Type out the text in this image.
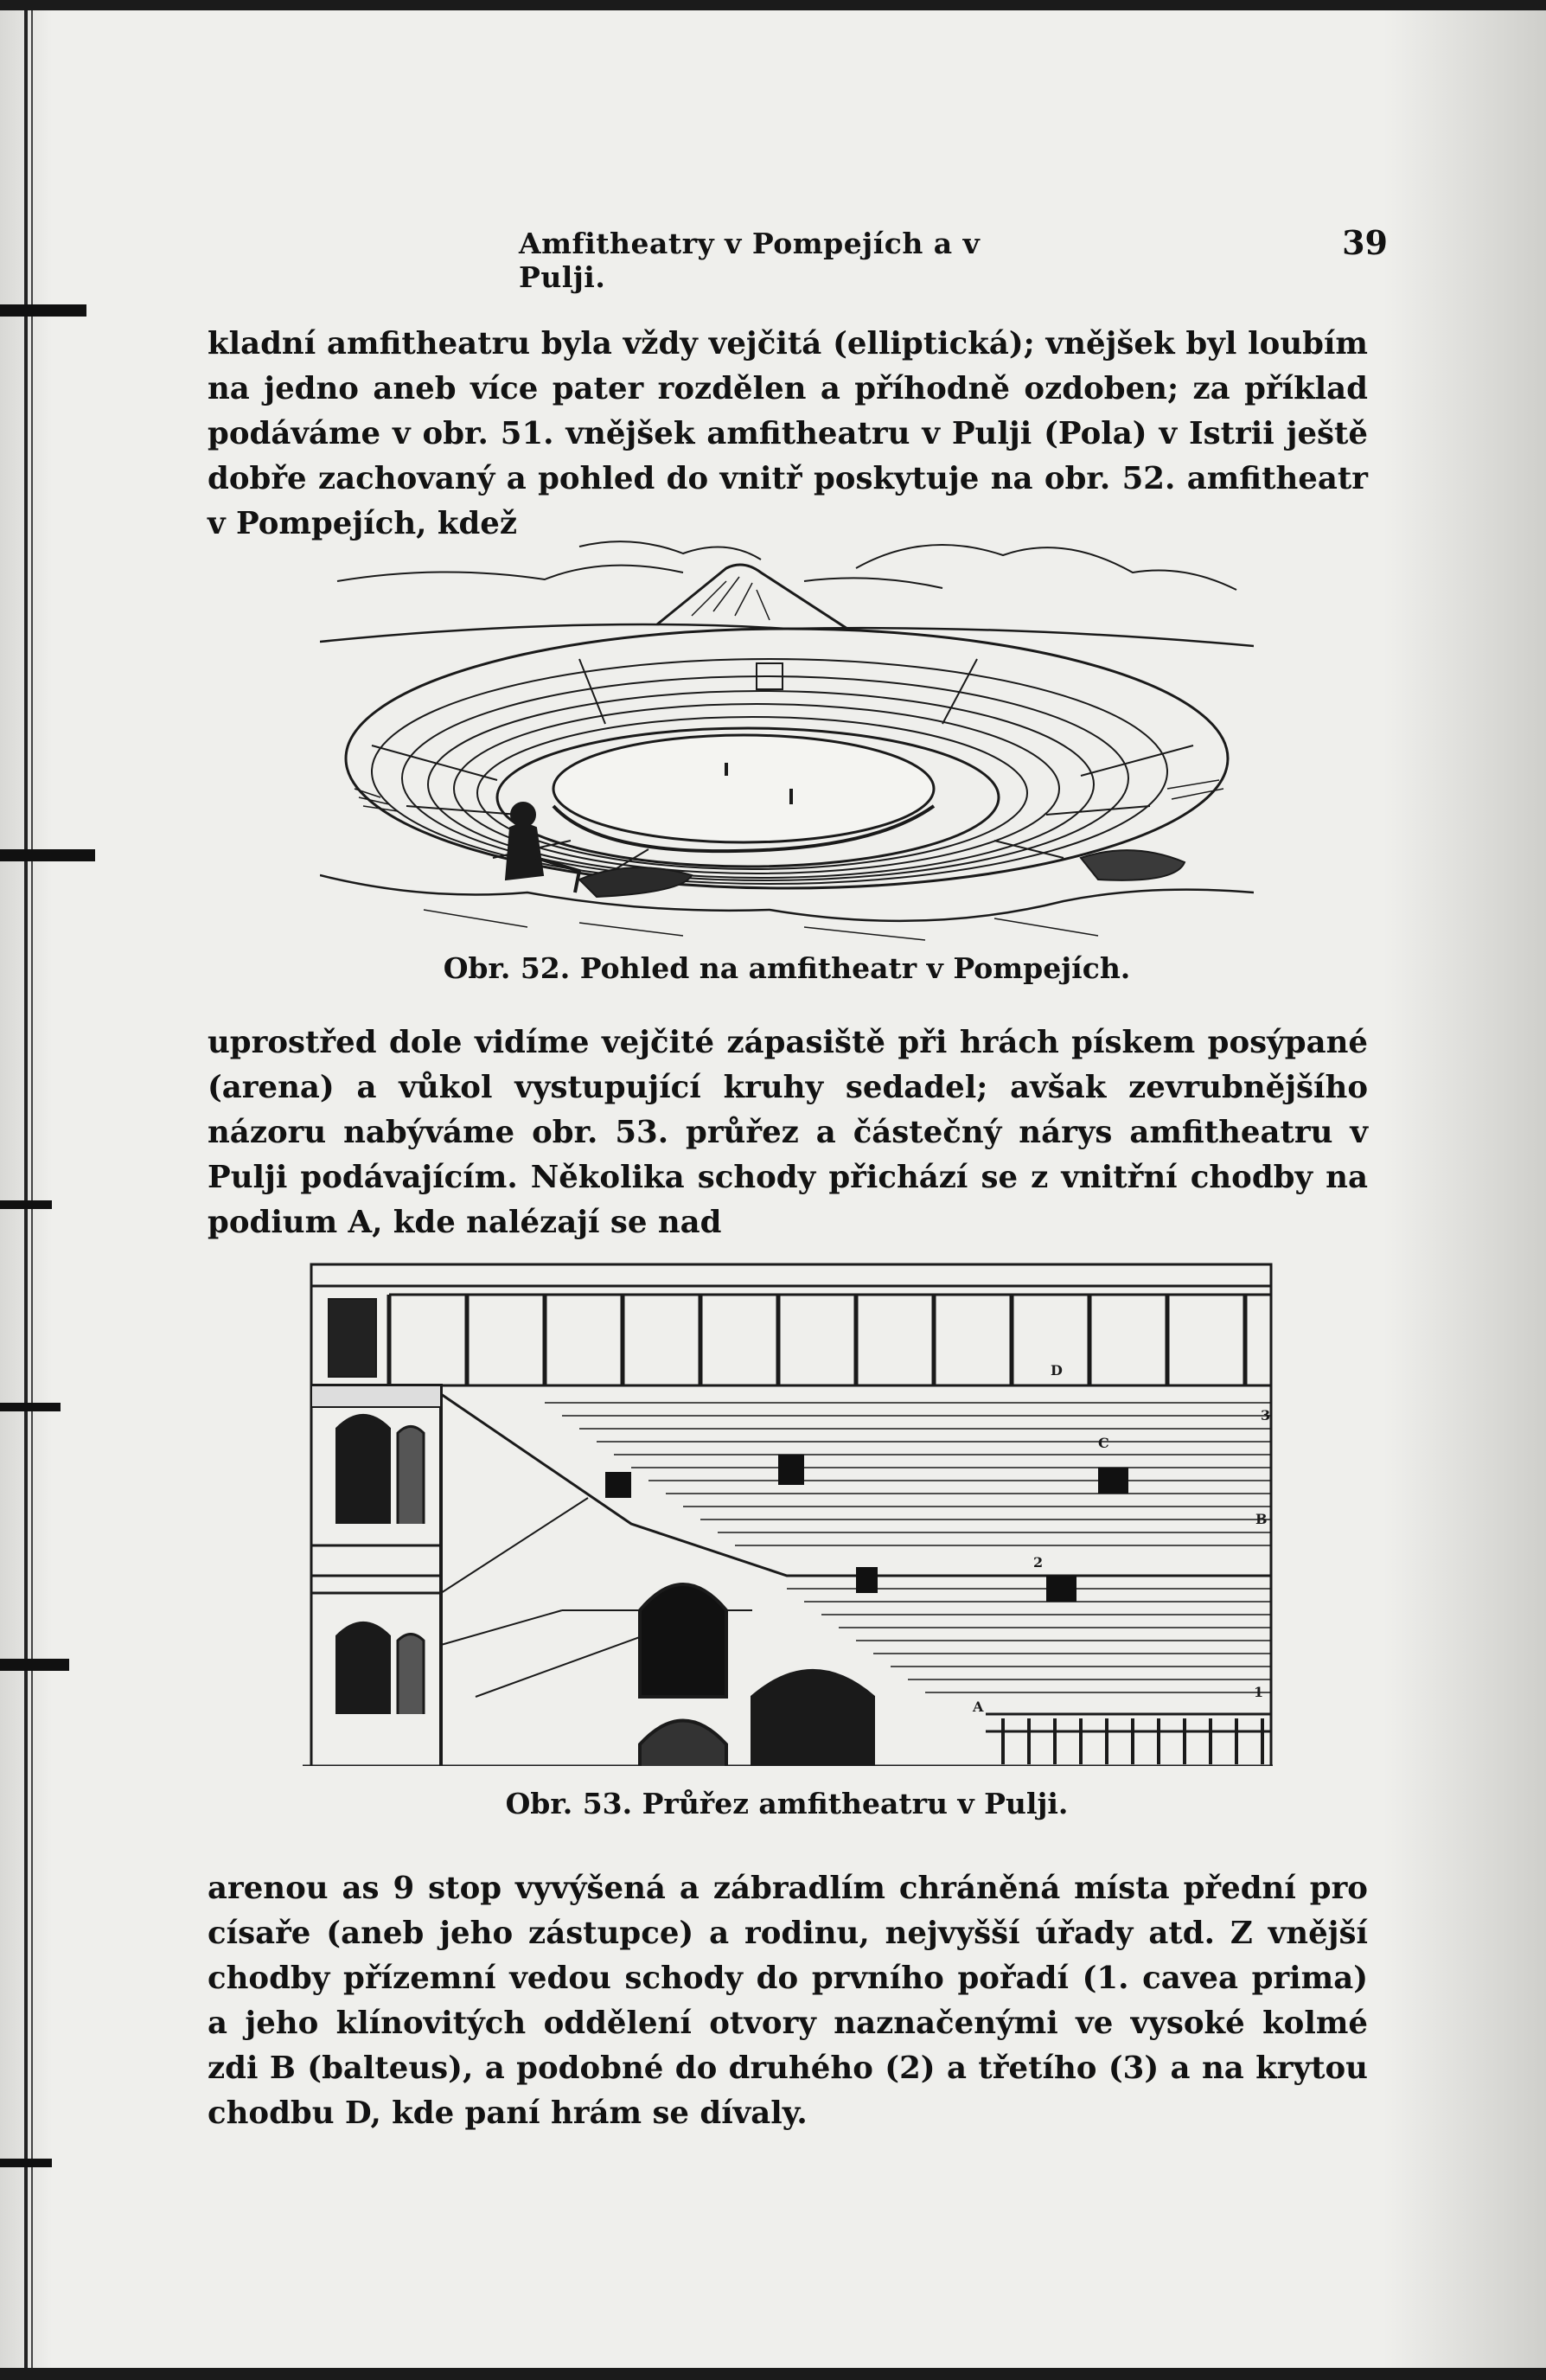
Amfitheatry v Pompejích a v Pulji.
39
kladní amfitheatru byla vždy vejčitá (elliptická); vnějšek byl loubím na jedno aneb více pater rozdělen a příhodně ozdoben; za příklad podáváme v obr. 51. vnějšek amfitheatru v Pulji (Pola) v Istrii ještě dobře zachovaný a pohled do vnitř poskytuje na obr. 52. amfitheatr v Pompejích, kdež
Obr. 52. Pohled na amfitheatr v Pompejích.
uprostřed dole vidíme vejčité zápasiště při hrách pískem posýpané (arena) a vůkol vystupující kruhy sedadel; avšak zevrubnějšího názoru nabýváme obr. 53. průřez a částečný nárys amfitheatru v Pulji podávajícím. Několika schody přichází se z vnitřní chodby na podium A, kde nalézají se nad
A
B
C
D
1
2
3
Obr. 53. Průřez amfitheatru v Pulji.
arenou as 9 stop vyvýšená a zábradlím chráněná místa přední pro císaře (aneb jeho zástupce) a rodinu, nejvyšší úřady atd. Z vnější chodby přízemní vedou schody do prvního pořadí (1. cavea prima) a jeho klínovitých oddělení otvory naznačenými ve vysoké kolmé zdi B (balteus), a podobné do druhého (2) a třetího (3) a na krytou chodbu D, kde paní hrám se dívaly.
